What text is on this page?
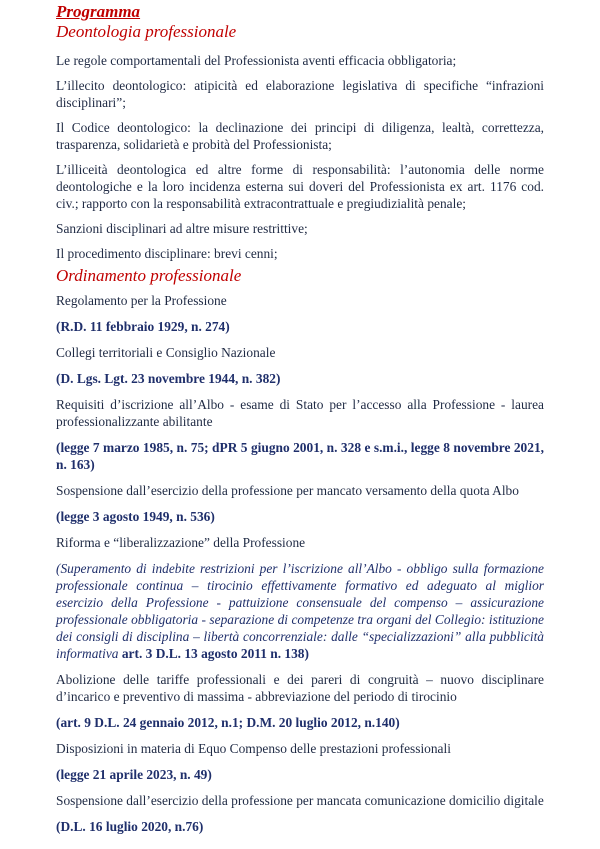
Programma
Deontologia professionale

Le regole comportamentali del Professionista aventi efficacia obbligatoria;

L’illecito deontologico: atipicità ed elaborazione legislativa di specifiche “infrazioni disciplinari”;

Il Codice deontologico: la declinazione dei principi di diligenza, lealtà, correttezza, trasparenza, solidarietà e probità del Professionista;

L’illiceità deontologica ed altre forme di responsabilità: l’autonomia delle norme deontologiche e la loro incidenza esterna sui doveri del Professionista ex art. 1176 cod. civ.; rapporto con la responsabilità extracontrattuale e pregiudizialità penale;

Sanzioni disciplinari ad altre misure restrittive;

Il procedimento disciplinare: brevi cenni;

Ordinamento professionale

Regolamento per la Professione

(R.D. 11 febbraio 1929, n. 274)

Collegi territoriali e Consiglio Nazionale

(D. Lgs. Lgt. 23 novembre 1944, n. 382)

Requisiti d’iscrizione all’Albo - esame di Stato per l’accesso alla Professione - laurea professionalizzante abilitante

(legge 7 marzo 1985, n. 75; dPR 5 giugno 2001, n. 328 e s.m.i., legge 8 novembre 2021, n. 163)

Sospensione dall’esercizio della professione per mancato versamento della quota Albo

(legge 3 agosto 1949, n. 536)

Riforma e “liberalizzazione” della Professione

(Superamento di indebite restrizioni per l’iscrizione all’Albo - obbligo sulla formazione professionale continua – tirocinio effettivamente formativo ed adeguato al miglior esercizio della Professione - pattuizione consensuale del compenso – assicurazione professionale obbligatoria - separazione di competenze tra organi del Collegio: istituzione dei consigli di disciplina – libertà concorrenziale: dalle “specializzazioni” alla pubblicità informativa art. 3 D.L. 13 agosto 2011 n. 138)

Abolizione delle tariffe professionali e dei pareri di congruità – nuovo disciplinare d’incarico e preventivo di massima - abbreviazione del periodo di tirocinio

(art. 9 D.L. 24 gennaio 2012, n.1; D.M. 20 luglio 2012, n.140)

Disposizioni in materia di Equo Compenso delle prestazioni professionali

(legge 21 aprile 2023, n. 49)

Sospensione dall’esercizio della professione per mancata comunicazione domicilio digitale

(D.L. 16 luglio 2020, n.76)
